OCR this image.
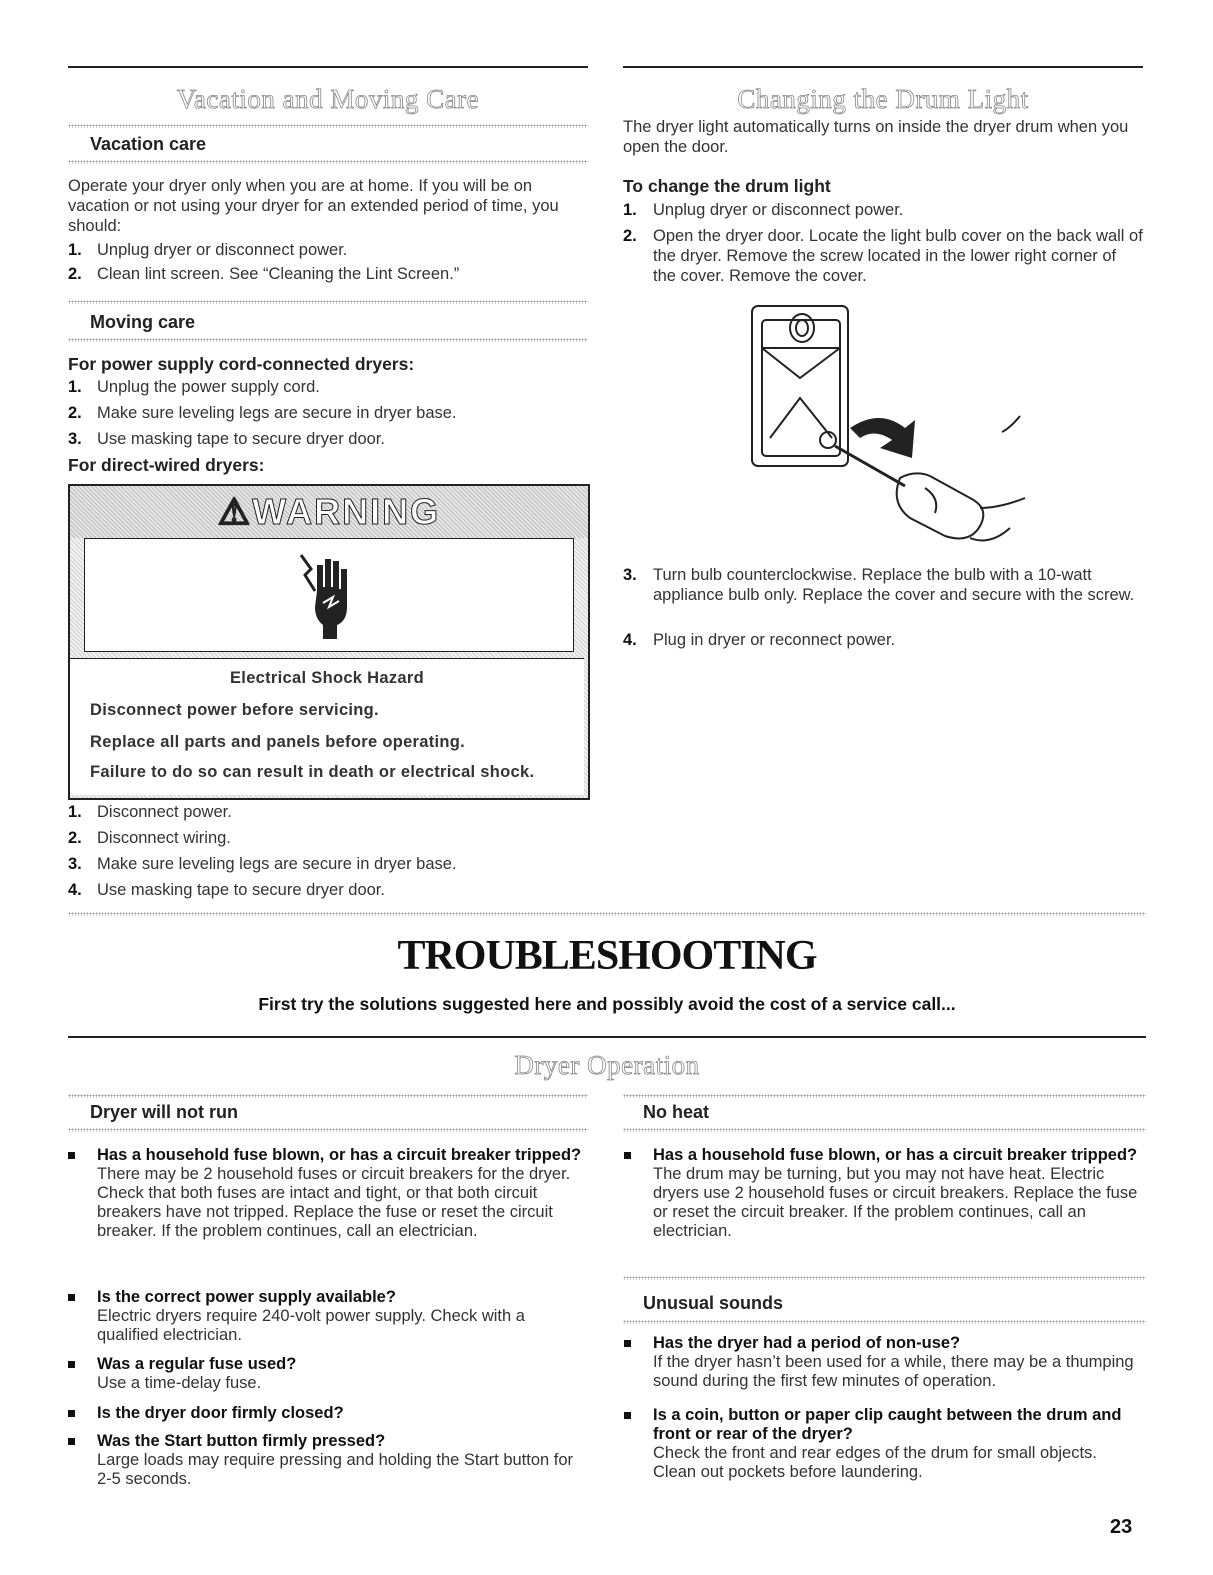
Vacation and Moving Care
Vacation care
Operate your dryer only when you are at home. If you will be on vacation or not using your dryer for an extended period of time, you should:
1. Unplug dryer or disconnect power.
2. Clean lint screen. See “Cleaning the Lint Screen.”
Moving care
For power supply cord-connected dryers:
1. Unplug the power supply cord.
2. Make sure leveling legs are secure in dryer base.
3. Use masking tape to secure dryer door.
For direct-wired dryers:
⚠WARNING
Electrical Shock Hazard
Disconnect power before servicing.
Replace all parts and panels before operating.
Failure to do so can result in death or electrical shock.
1. Disconnect power.
2. Disconnect wiring.
3. Make sure leveling legs are secure in dryer base.
4. Use masking tape to secure dryer door.
Changing the Drum Light
The dryer light automatically turns on inside the dryer drum when you open the door.
To change the drum light
1. Unplug dryer or disconnect power.
2. Open the dryer door. Locate the light bulb cover on the back wall of the dryer. Remove the screw located in the lower right corner of the cover. Remove the cover.
3. Turn bulb counterclockwise. Replace the bulb with a 10-watt appliance bulb only. Replace the cover and secure with the screw.
4. Plug in dryer or reconnect power.
TROUBLESHOOTING
First try the solutions suggested here and possibly avoid the cost of a service call...
Dryer Operation
Dryer will not run
Has a household fuse blown, or has a circuit breaker tripped?
There may be 2 household fuses or circuit breakers for the dryer. Check that both fuses are intact and tight, or that both circuit breakers have not tripped. Replace the fuse or reset the circuit breaker. If the problem continues, call an electrician.
Is the correct power supply available?
Electric dryers require 240-volt power supply. Check with a qualified electrician.
Was a regular fuse used?
Use a time-delay fuse.
Is the dryer door firmly closed?
Was the Start button firmly pressed?
Large loads may require pressing and holding the Start button for 2-5 seconds.
No heat
Has a household fuse blown, or has a circuit breaker tripped?
The drum may be turning, but you may not have heat. Electric dryers use 2 household fuses or circuit breakers. Replace the fuse or reset the circuit breaker. If the problem continues, call an electrician.
Unusual sounds
Has the dryer had a period of non-use?
If the dryer hasn’t been used for a while, there may be a thumping sound during the first few minutes of operation.
Is a coin, button or paper clip caught between the drum and front or rear of the dryer?
Check the front and rear edges of the drum for small objects. Clean out pockets before laundering.
23
